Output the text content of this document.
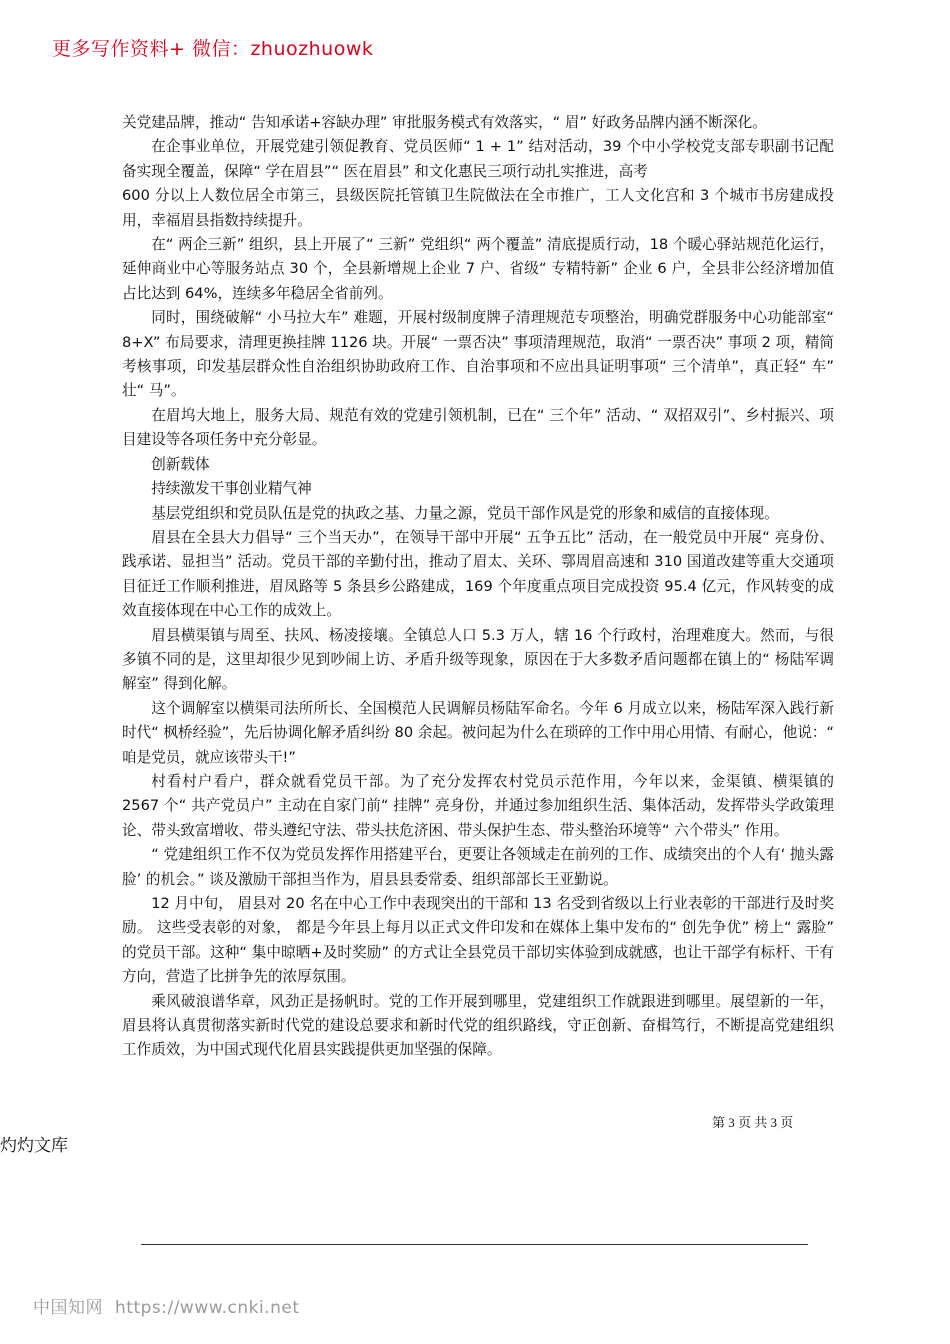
更多写作资料+ 微信：zhuozhuowk

关党建品牌，推动“ 告知承诺+容缺办理” 审批服务模式有效落实，“ 眉” 好政务品牌内涵不断深化。

在企事业单位，开展党建引领促教育、党员医师“ 1 + 1” 结对活动，39 个中小学校党支部专职副书记配备实现全覆盖，保障“ 学在眉县”“ 医在眉县” 和文化惠民三项行动扎实推进，高考

600 分以上人数位居全市第三，县级医院托管镇卫生院做法在全市推广，工人文化宫和 3 个城市书房建成投用，幸福眉县指数持续提升。

在“ 两企三新” 组织，县上开展了“ 三新” 党组织“ 两个覆盖” 清底提质行动，18 个暖心驿站规范化运行，延伸商业中心等服务站点 30 个，全县新增规上企业 7 户、省级“ 专精特新” 企业 6 户，全县非公经济增加值占比达到 64%，连续多年稳居全省前列。

同时，围绕破解“ 小马拉大车” 难题，开展村级制度牌子清理规范专项整治，明确党群服务中心功能部室“ 8+X” 布局要求，清理更换挂牌 1126 块。开展“ 一票否决” 事项清理规范，取消“ 一票否决” 事项 2 项，精简考核事项，印发基层群众性自治组织协助政府工作、自治事项和不应出具证明事项“ 三个清单”，真正轻“ 车” 壮“ 马”。

在眉坞大地上，服务大局、规范有效的党建引领机制，已在“ 三个年” 活动、“ 双招双引”、乡村振兴、项目建设等各项任务中充分彰显。

创新载体

持续激发干事创业精气神

基层党组织和党员队伍是党的执政之基、力量之源，党员干部作风是党的形象和威信的直接体现。

眉县在全县大力倡导“ 三个当天办”，在领导干部中开展“ 五争五比” 活动，在一般党员中开展“ 亮身份、践承诺、显担当” 活动。党员干部的辛勤付出，推动了眉太、关环、鄠周眉高速和 310 国道改建等重大交通项目征迁工作顺利推进，眉凤路等 5 条县乡公路建成，169 个年度重点项目完成投资 95.4 亿元，作风转变的成效直接体现在中心工作的成效上。

眉县横渠镇与周至、扶风、杨凌接壤。全镇总人口 5.3 万人，辖 16 个行政村，治理难度大。然而，与很多镇不同的是，这里却很少见到吵闹上访、矛盾升级等现象，原因在于大多数矛盾问题都在镇上的“ 杨陆军调解室” 得到化解。

这个调解室以横渠司法所所长、全国模范人民调解员杨陆军命名。今年 6 月成立以来，杨陆军深入践行新时代“ 枫桥经验”，先后协调化解矛盾纠纷 80 余起。被问起为什么在琐碎的工作中用心用情、有耐心，他说：“ 咱是党员，就应该带头干!”

村看村户看户，群众就看党员干部。为了充分发挥农村党员示范作用，今年以来，金渠镇、横渠镇的 2567 个“ 共产党员户” 主动在自家门前“ 挂牌” 亮身份，并通过参加组织生活、集体活动，发挥带头学政策理论、带头致富增收、带头遵纪守法、带头扶危济困、带头保护生态、带头整治环境等“ 六个带头” 作用。

“ 党建组织工作不仅为党员发挥作用搭建平台，更要让各领域走在前列的工作、成绩突出的个人有‘ 抛头露脸’ 的机会。” 谈及激励干部担当作为，眉县县委常委、组织部部长王亚勤说。

12 月中旬， 眉县对 20 名在中心工作中表现突出的干部和 13 名受到省级以上行业表彰的干部进行及时奖励。 这些受表彰的对象， 都是今年县上每月以正式文件印发和在媒体上集中发布的“ 创先争优” 榜上“ 露脸” 的党员干部。这种“ 集中晾晒+及时奖励” 的方式让全县党员干部切实体验到成就感，也让干部学有标杆、干有方向，营造了比拼争先的浓厚氛围。

乘风破浪谱华章，风劲正是扬帆时。党的工作开展到哪里，党建组织工作就跟进到哪里。展望新的一年，眉县将认真贯彻落实新时代党的建设总要求和新时代党的组织路线，守正创新、奋楫笃行，不断提高党建组织工作质效，为中国式现代化眉县实践提供更加坚强的保障。

第 3 页 共 3 页
灼灼文库
中国知网 https://www.cnki.net
